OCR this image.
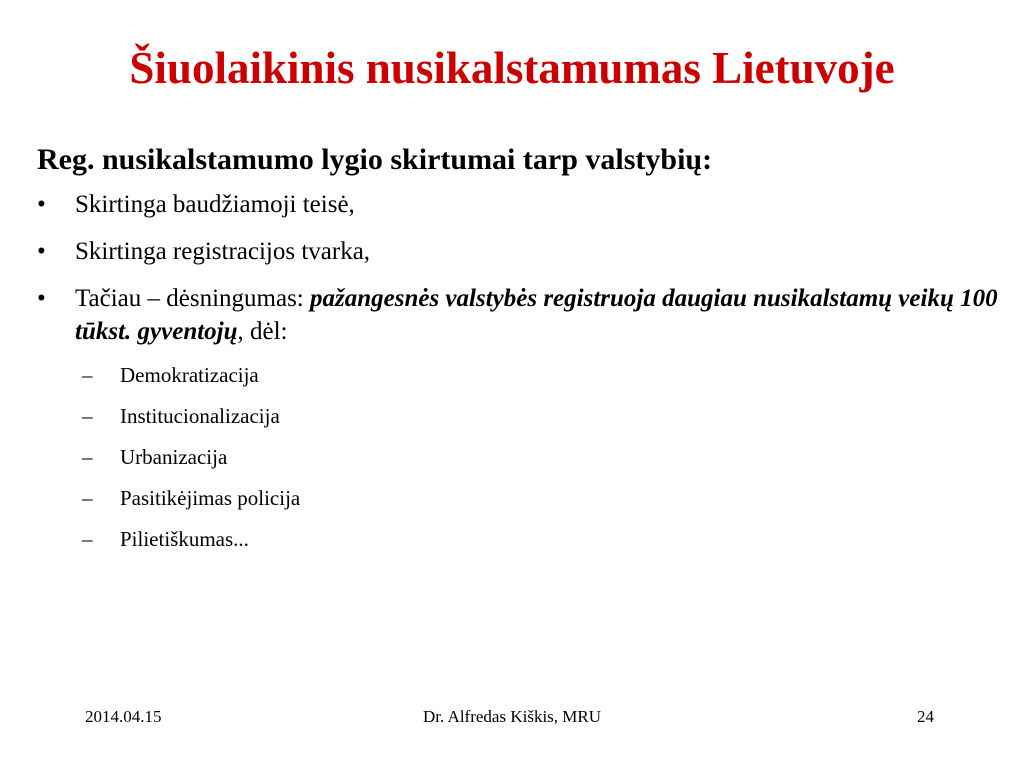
Šiuolaikinis nusikalstamumas Lietuvoje
Reg. nusikalstamumo lygio skirtumai tarp valstybių:
•	Skirtinga baudžiamoji teisė,
•	Skirtinga registracijos tvarka,
•	Tačiau – dėsningumas: pažangesnės valstybės registruoja daugiau nusikalstamų veikų 100 tūkst. gyventojų, dėl:
– Demokratizacija
– Institucionalizacija
– Urbanizacija
– Pasitikėjimas policija
– Pilietiškumas...
2014.04.15	Dr. Alfredas Kiškis, MRU	24
